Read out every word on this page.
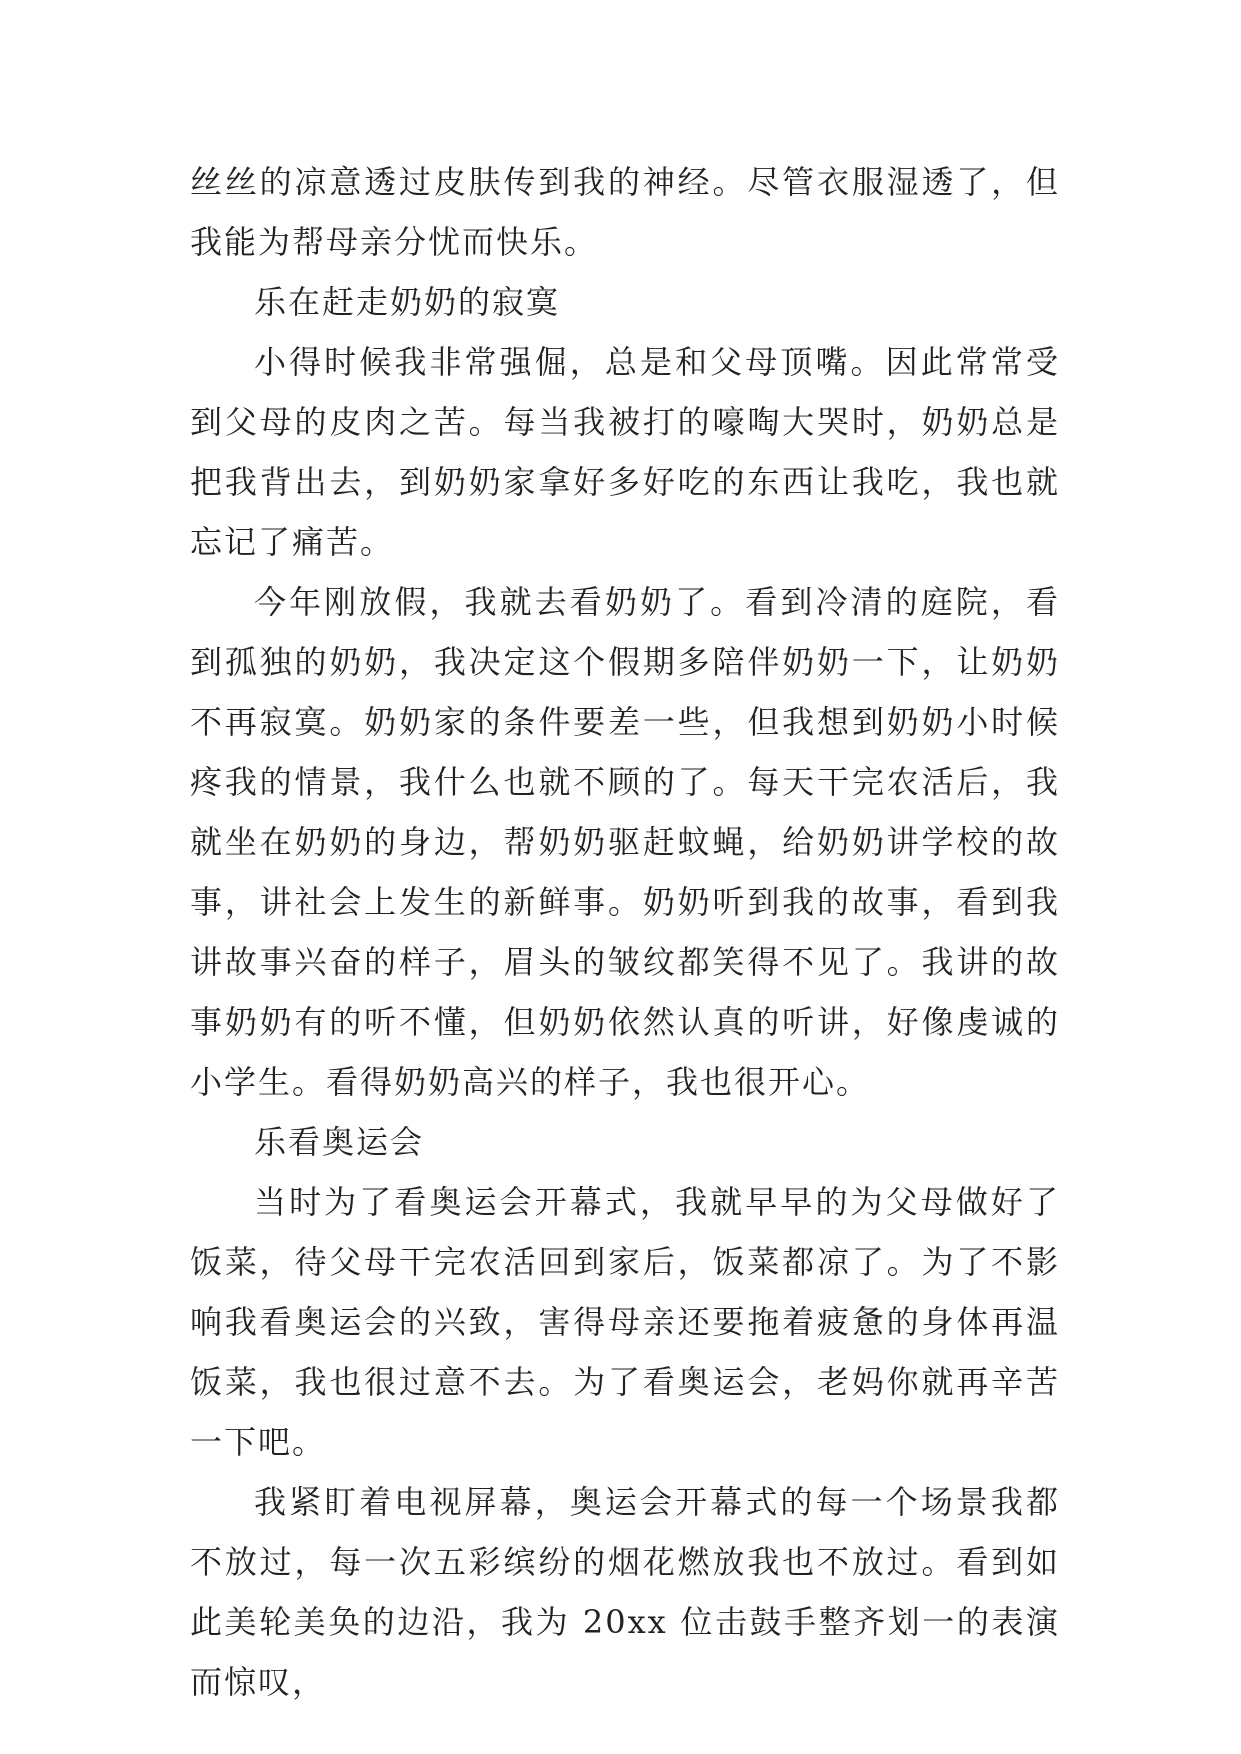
丝丝的凉意透过皮肤传到我的神经。尽管衣服湿透了，但我能为帮母亲分忧而快乐。

乐在赶走奶奶的寂寞

小得时候我非常强倔，总是和父母顶嘴。因此常常受到父母的皮肉之苦。每当我被打的嚎啕大哭时，奶奶总是把我背出去，到奶奶家拿好多好吃的东西让我吃，我也就忘记了痛苦。

今年刚放假，我就去看奶奶了。看到冷清的庭院，看到孤独的奶奶，我决定这个假期多陪伴奶奶一下，让奶奶不再寂寞。奶奶家的条件要差一些，但我想到奶奶小时候疼我的情景，我什么也就不顾的了。每天干完农活后，我就坐在奶奶的身边，帮奶奶驱赶蚊蝇，给奶奶讲学校的故事，讲社会上发生的新鲜事。奶奶听到我的故事，看到我讲故事兴奋的样子，眉头的皱纹都笑得不见了。我讲的故事奶奶有的听不懂，但奶奶依然认真的听讲，好像虔诚的小学生。看得奶奶高兴的样子，我也很开心。

乐看奥运会

当时为了看奥运会开幕式，我就早早的为父母做好了饭菜，待父母干完农活回到家后，饭菜都凉了。为了不影响我看奥运会的兴致，害得母亲还要拖着疲惫的身体再温饭菜，我也很过意不去。为了看奥运会，老妈你就再辛苦一下吧。

我紧盯着电视屏幕，奥运会开幕式的每一个场景我都不放过，每一次五彩缤纷的烟花燃放我也不放过。看到如此美轮美奂的边沿，我为 20xx 位击鼓手整齐划一的表演而惊叹，
